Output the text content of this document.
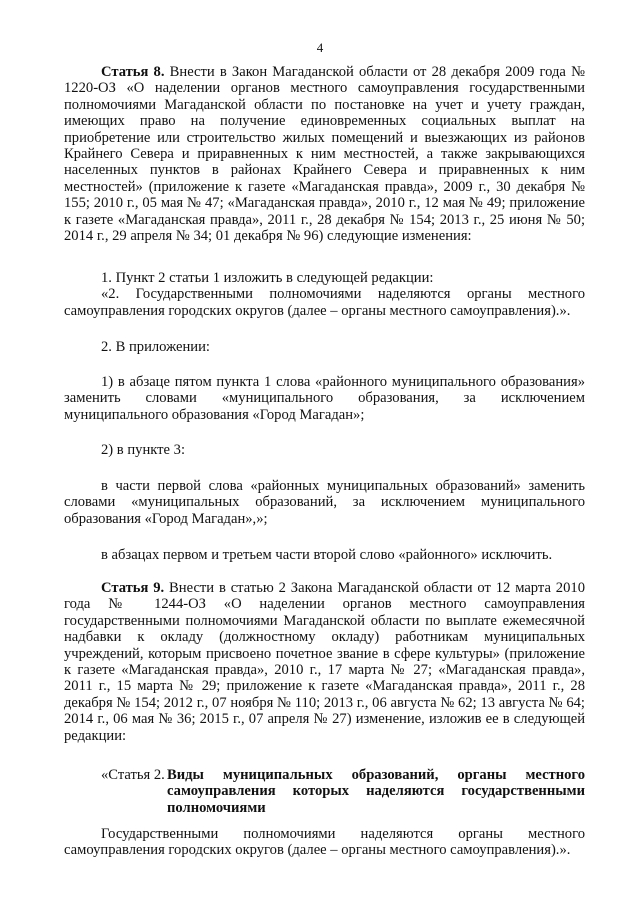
4
Статья 8. Внести в Закон Магаданской области от 28 декабря 2009 года № 1220-ОЗ «О наделении органов местного самоуправления государственными полномочиями Магаданской области по постановке на учет и учету граждан, имеющих право на получение единовременных социальных выплат на приобретение или строительство жилых помещений и выезжающих из районов Крайнего Севера и приравненных к ним местностей, а также закрывающихся населенных пунктов в районах Крайнего Севера и приравненных к ним местностей» (приложение к газете «Магаданская правда», 2009 г., 30 декабря № 155; 2010 г., 05 мая № 47; «Магаданская правда», 2010 г., 12 мая № 49; приложение к газете «Магаданская правда», 2011 г., 28 декабря № 154; 2013 г., 25 июня № 50; 2014 г., 29 апреля № 34; 01 декабря № 96) следующие изменения:
1. Пункт 2 статьи 1 изложить в следующей редакции:
«2. Государственными полномочиями наделяются органы местного самоуправления городских округов (далее – органы местного самоуправления).».
2. В приложении:
1) в абзаце пятом пункта 1 слова «районного муниципального образования» заменить словами «муниципального образования, за исключением муниципального образования «Город Магадан»;
2) в пункте 3:
в части первой слова «районных муниципальных образований» заменить словами «муниципальных образований, за исключением муниципального образования «Город Магадан»,»;
в абзацах первом и третьем части второй слово «районного» исключить.
Статья 9. Внести в статью 2 Закона Магаданской области от 12 марта 2010 года № 1244-ОЗ «О наделении органов местного самоуправления государственными полномочиями Магаданской области по выплате ежемесячной надбавки к окладу (должностному окладу) работникам муниципальных учреждений, которым присвоено почетное звание в сфере культуры» (приложение к газете «Магаданская правда», 2010 г., 17 марта № 27; «Магаданская правда», 2011 г., 15 марта № 29; приложение к газете «Магаданская правда», 2011 г., 28 декабря № 154; 2012 г., 07 ноября № 110; 2013 г., 06 августа № 62; 13 августа № 64; 2014 г., 06 мая № 36; 2015 г., 07 апреля № 27) изменение, изложив ее в следующей редакции:
«Статья 2. Виды муниципальных образований, органы местного самоуправления которых наделяются государственными полномочиями
Государственными полномочиями наделяются органы местного самоуправления городских округов (далее – органы местного самоуправления).».
